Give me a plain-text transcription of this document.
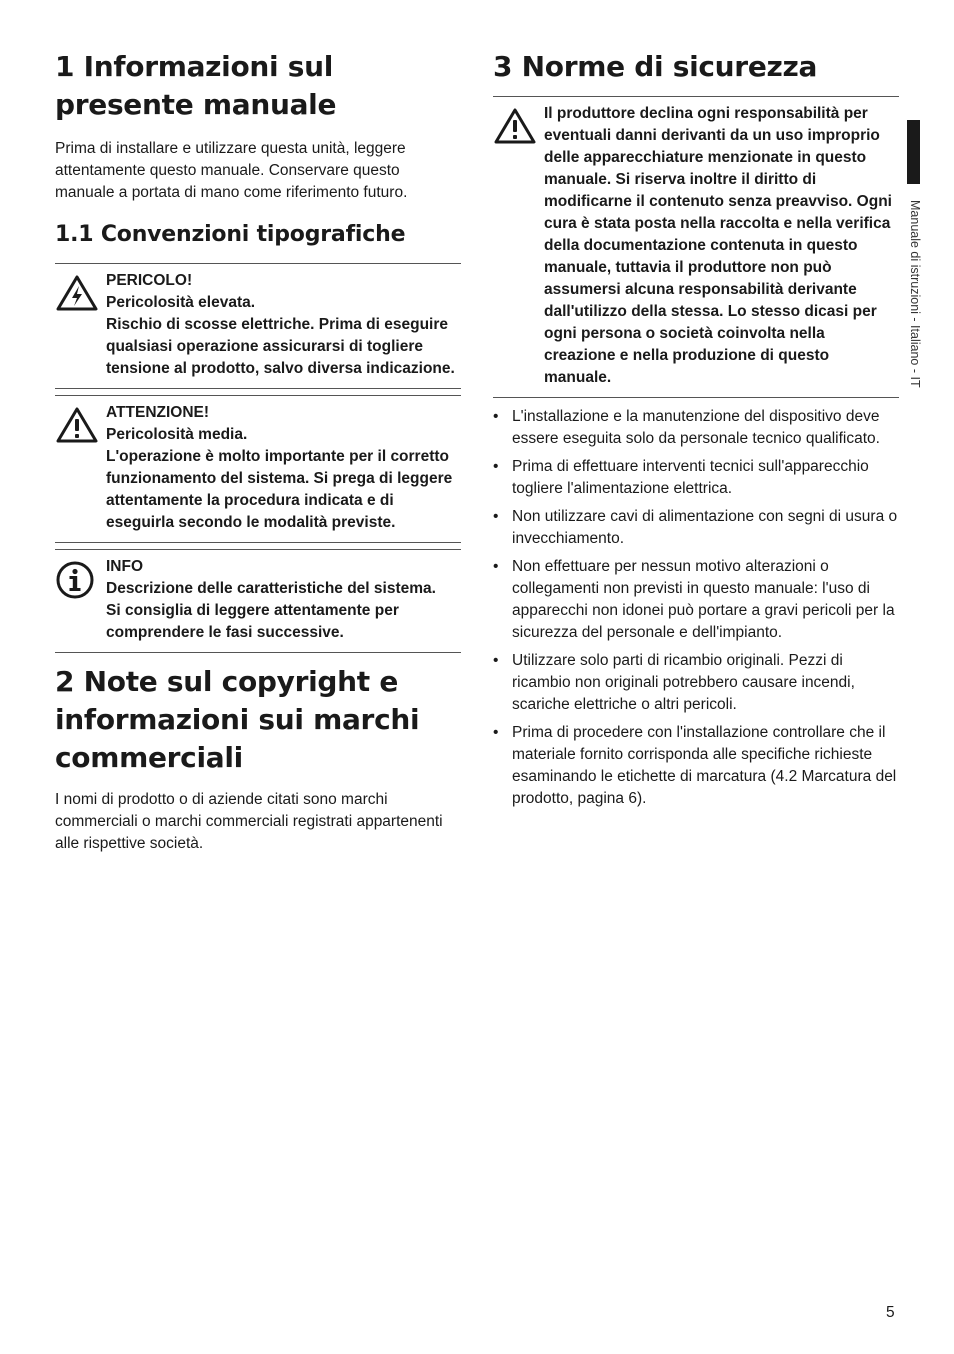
1 Informazioni sul presente manuale

Prima di installare e utilizzare questa unità, leggere attentamente questo manuale. Conservare questo manuale a portata di mano come riferimento futuro.

1.1 Convenzioni tipografiche
PERICOLO!
Pericolosità elevata.
Rischio di scosse elettriche. Prima di eseguire qualsiasi operazione assicurarsi di togliere tensione al prodotto, salvo diversa indicazione.
ATTENZIONE!
Pericolosità media.
L'operazione è molto importante per il corretto funzionamento del sistema. Si prega di leggere attentamente la procedura indicata e di eseguirla secondo le modalità previste.
INFO
Descrizione delle caratteristiche del sistema.
Si consiglia di leggere attentamente per comprendere le fasi successive.
2 Note sul copyright e informazioni sui marchi commerciali

I nomi di prodotto o di aziende citati sono marchi commerciali o marchi commerciali registrati appartenenti alle rispettive società.

3 Norme di sicurezza
Il produttore declina ogni responsabilità per eventuali danni derivanti da un uso improprio delle apparecchiature menzionate in questo manuale. Si riserva inoltre il diritto di modificarne il contenuto senza preavviso. Ogni cura è stata posta nella raccolta e nella verifica della documentazione contenuta in questo manuale, tuttavia il produttore non può assumersi alcuna responsabilità derivante dall'utilizzo della stessa. Lo stesso dicasi per ogni persona o società coinvolta nella creazione e nella produzione di questo manuale.
• L'installazione e la manutenzione del dispositivo deve essere eseguita solo da personale tecnico qualificato.
• Prima di effettuare interventi tecnici sull'apparecchio togliere l'alimentazione elettrica.
• Non utilizzare cavi di alimentazione con segni di usura o invecchiamento.
• Non effettuare per nessun motivo alterazioni o collegamenti non previsti in questo manuale: l'uso di apparecchi non idonei può portare a gravi pericoli per la sicurezza del personale e dell'impianto.
• Utilizzare solo parti di ricambio originali. Pezzi di ricambio non originali potrebbero causare incendi, scariche elettriche o altri pericoli.
• Prima di procedere con l'installazione controllare che il materiale fornito corrisponda alle specifiche richieste esaminando le etichette di marcatura (4.2 Marcatura del prodotto, pagina 6).
Manuale di istruzioni - Italiano - IT
5
